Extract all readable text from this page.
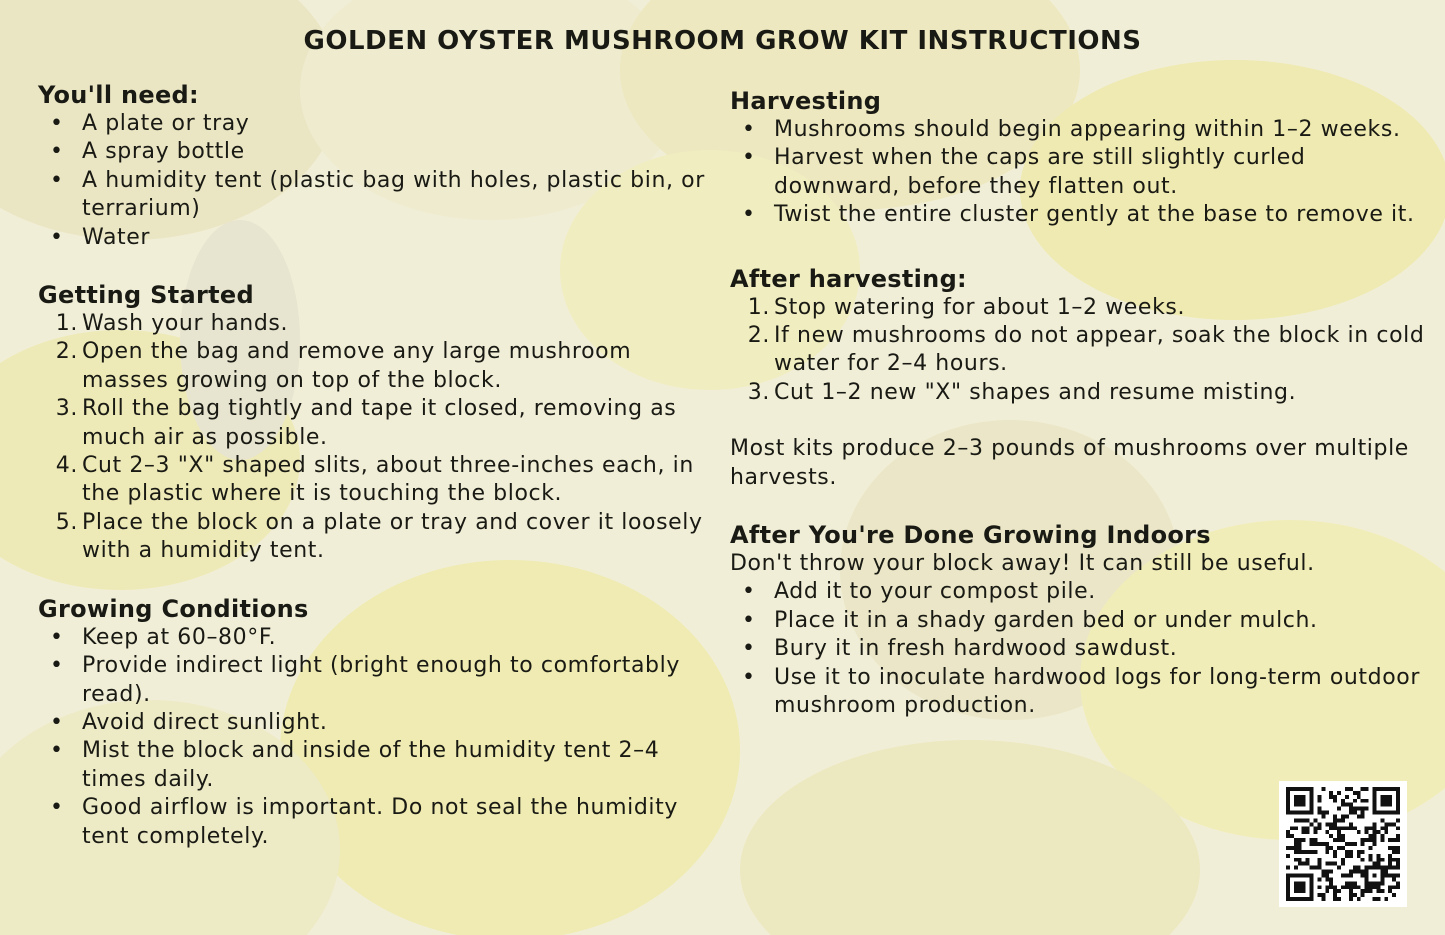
GOLDEN OYSTER MUSHROOM GROW KIT INSTRUCTIONS
You'll need:
• A plate or tray
• A spray bottle
• A humidity tent (plastic bag with holes, plastic bin, or terrarium)
• Water
Getting Started
1. Wash your hands.
2. Open the bag and remove any large mushroom masses growing on top of the block.
3. Roll the bag tightly and tape it closed, removing as much air as possible.
4. Cut 2–3 "X" shaped slits, about three-inches each, in the plastic where it is touching the block.
5. Place the block on a plate or tray and cover it loosely with a humidity tent.
Growing Conditions
• Keep at 60–80°F.
• Provide indirect light (bright enough to comfortably read).
• Avoid direct sunlight.
• Mist the block and inside of the humidity tent 2–4 times daily.
• Good airflow is important. Do not seal the humidity tent completely.
Harvesting
• Mushrooms should begin appearing within 1–2 weeks.
• Harvest when the caps are still slightly curled downward, before they flatten out.
• Twist the entire cluster gently at the base to remove it.
After harvesting:
1. Stop watering for about 1–2 weeks.
2. If new mushrooms do not appear, soak the block in cold water for 2–4 hours.
3. Cut 1–2 new "X" shapes and resume misting.

Most kits produce 2–3 pounds of mushrooms over multiple harvests.

After You're Done Growing Indoors

Don't throw your block away! It can still be useful.

• Add it to your compost pile.
• Place it in a shady garden bed or under mulch.
• Bury it in fresh hardwood sawdust.
• Use it to inoculate hardwood logs for long-term outdoor mushroom production.
